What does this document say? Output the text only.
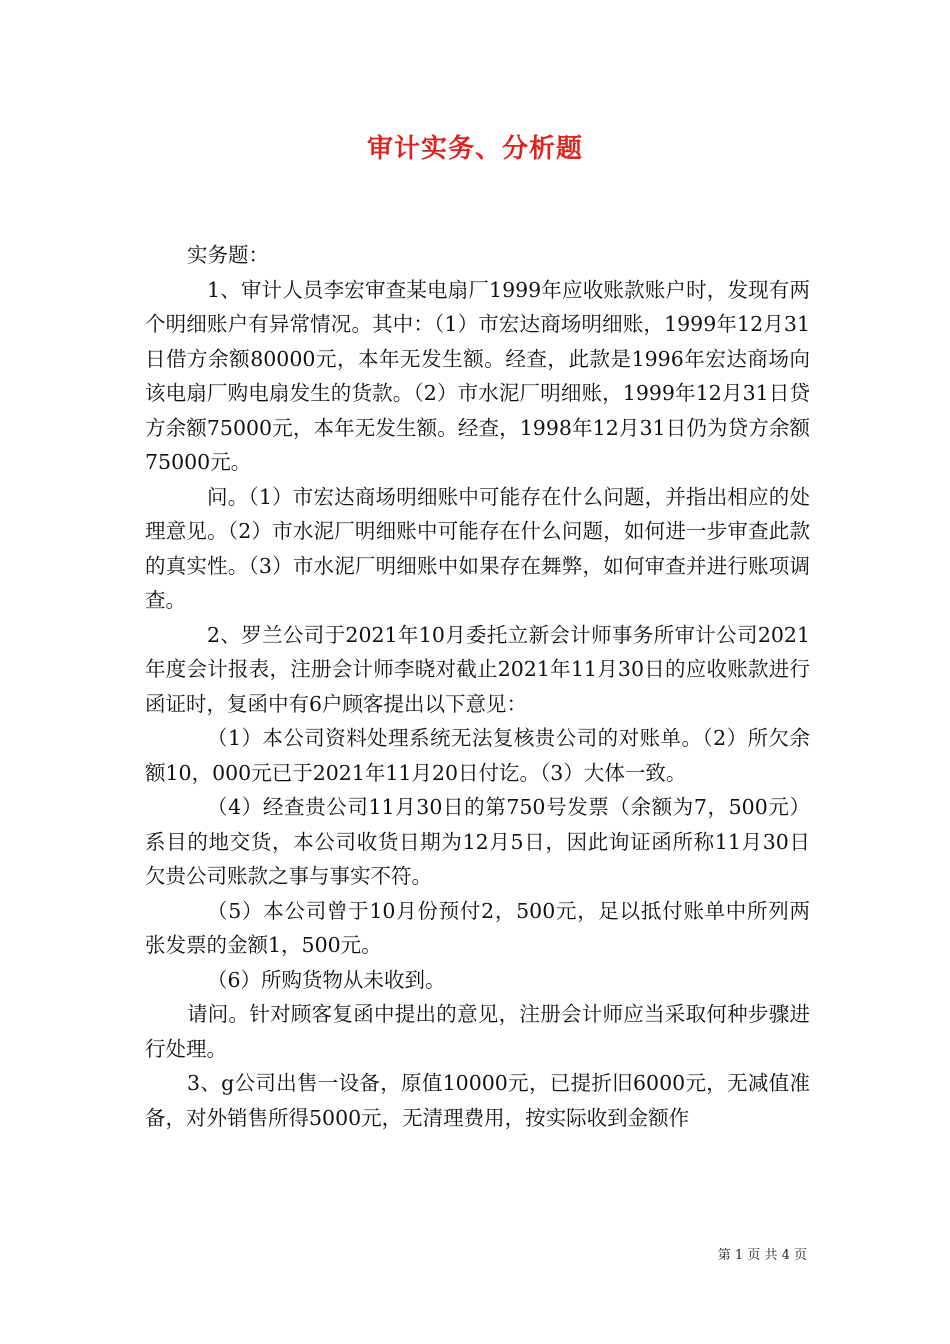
审计实务、分析题

实务题：

1、审计人员李宏审查某电扇厂1999年应收账款账户时，发现有两个明细账户有异常情况。其中：（1）市宏达商场明细账，1999年12月31日借方余额80000元，本年无发生额。经查，此款是1996年宏达商场向该电扇厂购电扇发生的货款。（2）市水泥厂明细账，1999年12月31日贷方余额75000元，本年无发生额。经查，1998年12月31日仍为贷方余额75000元。

问。（1）市宏达商场明细账中可能存在什么问题，并指出相应的处理意见。（2）市水泥厂明细账中可能存在什么问题，如何进一步审查此款的真实性。（3）市水泥厂明细账中如果存在舞弊，如何审查并进行账项调查。

2、罗兰公司于2021年10月委托立新会计师事务所审计公司2021年度会计报表，注册会计师李晓对截止2021年11月30日的应收账款进行函证时，复函中有6户顾客提出以下意见：

（1）本公司资料处理系统无法复核贵公司的对账单。（2）所欠余额10，000元已于2021年11月20日付讫。（3）大体一致。

（4）经查贵公司11月30日的第750号发票（余额为7，500元）系目的地交货，本公司收货日期为12月5日，因此询证函所称11月30日欠贵公司账款之事与事实不符。

（5）本公司曾于10月份预付2，500元，足以抵付账单中所列两张发票的金额1，500元。

（6）所购货物从未收到。

请问。针对顾客复函中提出的意见，注册会计师应当采取何种步骤进行处理。

3、g公司出售一设备，原值10000元，已提折旧6000元，无减值准备，对外销售所得5000元，无清理费用，按实际收到金额作

第 1 页 共 4 页
